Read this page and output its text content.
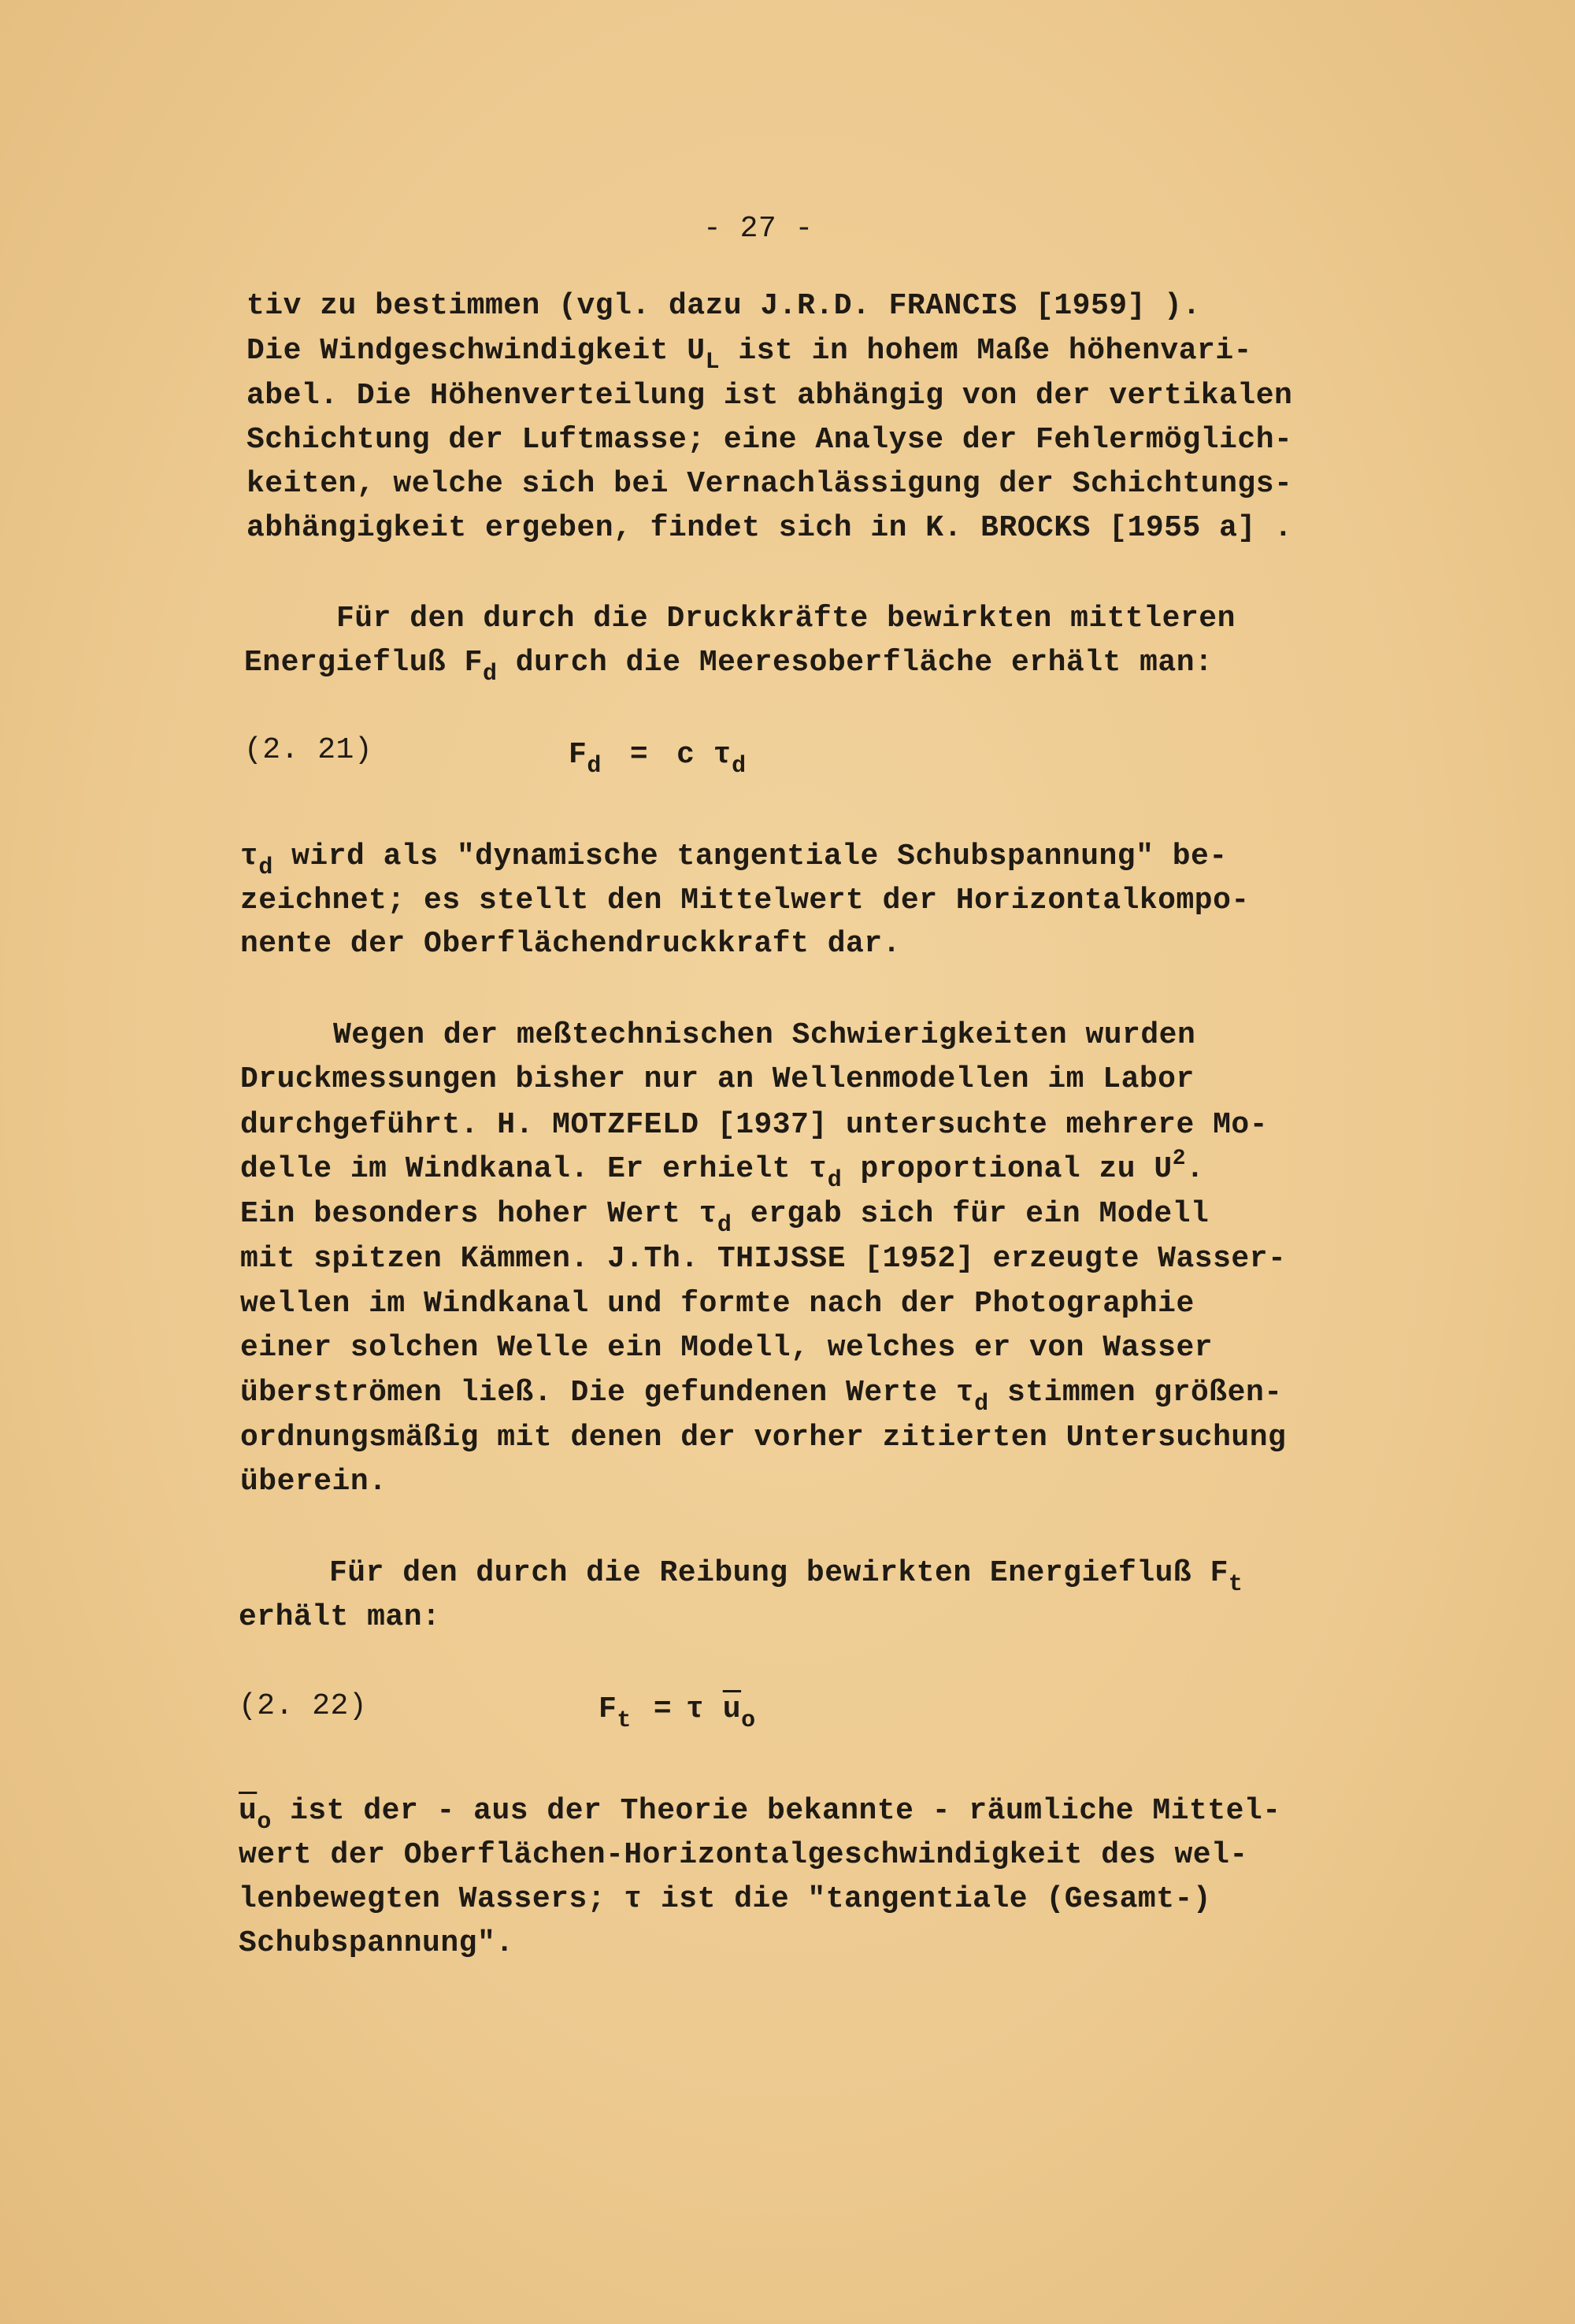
- 27 -
tiv zu bestimmen (vgl. dazu J.R.D. FRANCIS [1959] ).
Die Windgeschwindigkeit $U_L$ ist in hohem Maße höhenvari-
abel. Die Höhenverteilung ist abhängig von der vertikalen
Schichtung der Luftmasse; eine Analyse der Fehlermöglich-
keiten, welche sich bei Vernachlässigung der Schichtungs-
abhängigkeit ergeben, findet sich in K. BROCKS [1955 a] .
Für den durch die Druckkräfte bewirkten mittleren
Energiefluß $F_d$ durch die Meeresoberfläche erhält man:
(2. 21)	$F_d = c$ $\tau_d$
$\tau_d$ wird als "dynamische tangentiale Schubspannung" be-
zeichnet; es stellt den Mittelwert der Horizontalkompo-
nente der Oberflächendruckkraft dar.
Wegen der meßtechnischen Schwierigkeiten wurden
Druckmessungen bisher nur an Wellenmodellen im Labor
durchgeführt. H. MOTZFELD [1937] untersuchte mehrere Mo-
delle im Windkanal. Er erhielt $\tau_d$ proportional zu $U^2$.
Ein besonders hoher Wert $\tau_d$ ergab sich für ein Modell
mit spitzen Kämmen. J.Th. THIJSSE [1952] erzeugte Wasser-
wellen im Windkanal und formte nach der Photographie
einer solchen Welle ein Modell, welches er von Wasser
überströmen ließ. Die gefundenen Werte $\tau_d$ stimmen größen-
ordnungsmäßig mit denen der vorher zitierten Untersuchung
überein.
Für den durch die Reibung bewirkten Energiefluß $F_t$
erhält man:
(2. 22)	$F_t = \tau$ $\overline{u}_o$
$\overline{u}_o$ ist der - aus der Theorie bekannte - räumliche Mittel-
wert der Oberflächen-Horizontalgeschwindigkeit des wel-
lenbewegten Wassers; τ ist die "tangentiale (Gesamt-)
Schubspannung".
